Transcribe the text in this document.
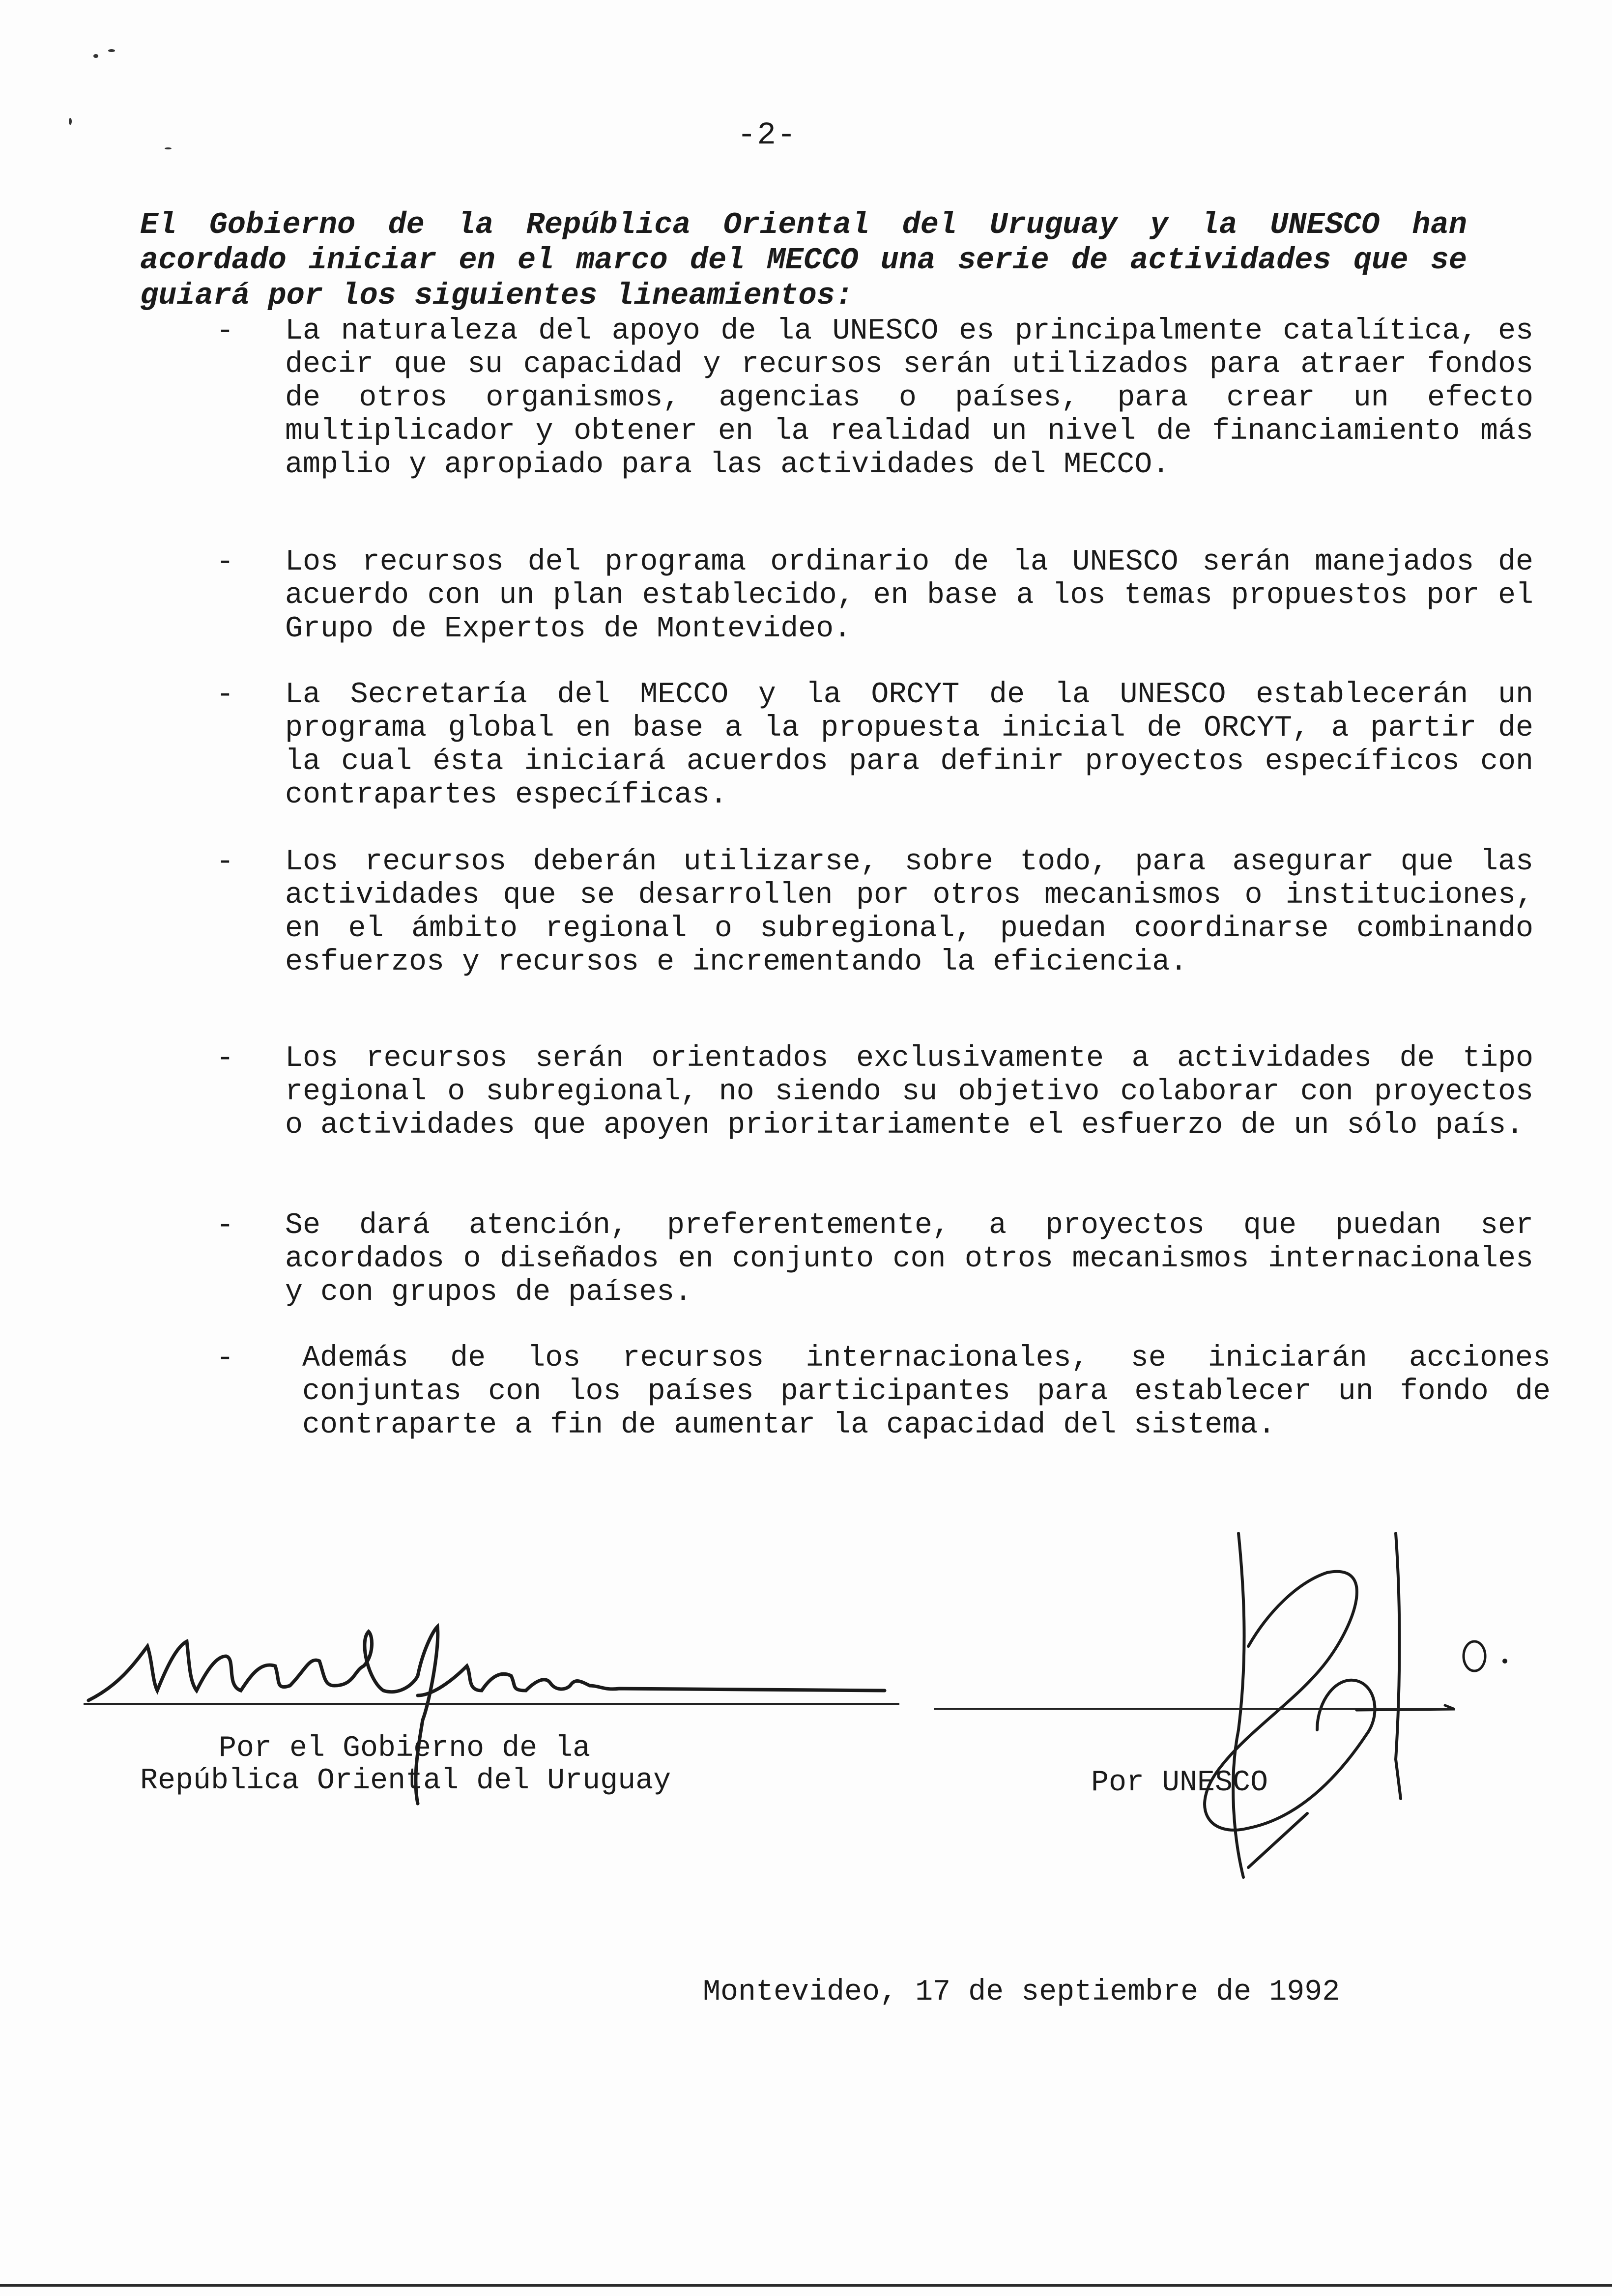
-2-

El Gobierno de la República Oriental del Uruguay y la UNESCO han acordado iniciar en el marco del MECCO una serie de actividades que se guiará por los siguientes lineamientos:

- La naturaleza del apoyo de la UNESCO es principalmente catalítica, es decir que su capacidad y recursos serán utilizados para atraer fondos de otros organismos, agencias o países, para crear un efecto multiplicador y obtener en la realidad un nivel de financiamiento más amplio y apropiado para las actividades del MECCO.
- Los recursos del programa ordinario de la UNESCO serán manejados de acuerdo con un plan establecido, en base a los temas propuestos por el Grupo de Expertos de Montevideo.
- La Secretaría del MECCO y la ORCYT de la UNESCO establecerán un programa global en base a la propuesta inicial de ORCYT, a partir de la cual ésta iniciará acuerdos para definir proyectos específicos con contrapartes específicas.
- Los recursos deberán utilizarse, sobre todo, para asegurar que las actividades que se desarrollen por otros mecanismos o instituciones, en el ámbito regional o subregional, puedan coordinarse combinando esfuerzos y recursos e incrementando la eficiencia.
- Los recursos serán orientados exclusivamente a actividades de tipo regional o subregional, no siendo su objetivo colaborar con proyectos o actividades que apoyen prioritariamente el esfuerzo de un sólo país.
- Se dará atención, preferentemente, a proyectos que puedan ser acordados o diseñados en conjunto con otros mecanismos internacionales y con grupos de países.
- Además de los recursos internacionales, se iniciarán acciones conjuntas con los países participantes para establecer un fondo de contraparte a fin de aumentar la capacidad del sistema.
Por el Gobierno de la
República Oriental del Uruguay	Por UNESCO
Montevideo, 17 de septiembre de 1992
